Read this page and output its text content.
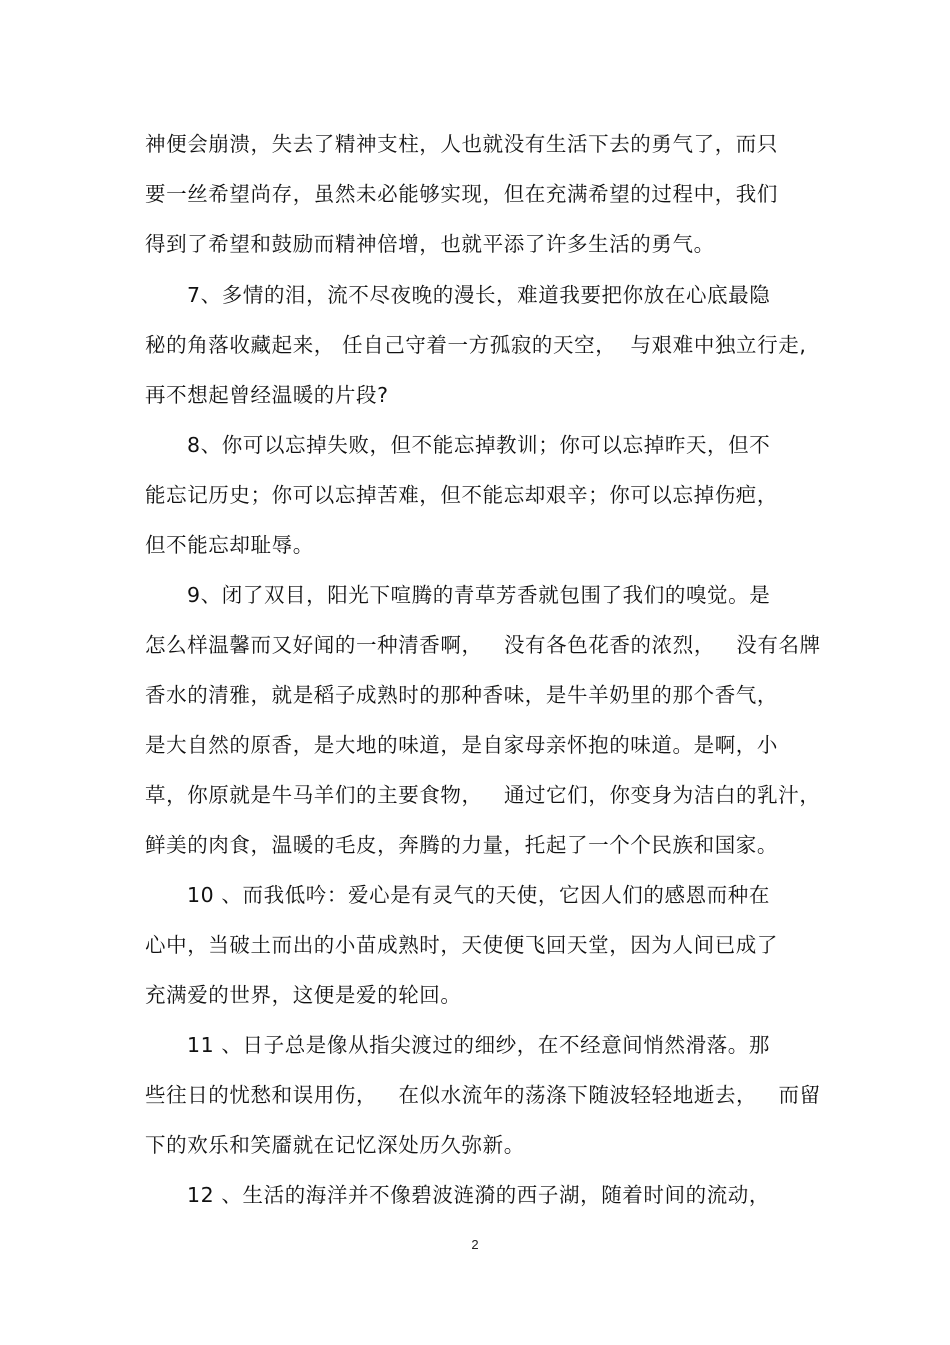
神便会崩溃，失去了精神支柱，人也就没有生活下去的勇气了，而只
要一丝希望尚存，虽然未必能够实现，但在充满希望的过程中，我们
得到了希望和鼓励而精神倍增，也就平添了许多生活的勇气。
7、多情的泪，流不尽夜晚的漫长，难道我要把你放在心底最隐
秘的角落收藏起来， 任自己守着一方孤寂的天空，  与艰难中独立行走,
再不想起曾经温暖的片段?
8、你可以忘掉失败，但不能忘掉教训；你可以忘掉昨天，但不
能忘记历史；你可以忘掉苦难，但不能忘却艰辛；你可以忘掉伤疤，
但不能忘却耻辱。
9、闭了双目，阳光下喧腾的青草芳香就包围了我们的嗅觉。是
怎么样温馨而又好闻的一种清香啊，   没有各色花香的浓烈，   没有名牌
香水的清雅，就是稻子成熟时的那种香味，是牛羊奶里的那个香气，
是大自然的原香，是大地的味道，是自家母亲怀抱的味道。是啊，小
草，你原就是牛马羊们的主要食物，   通过它们，你变身为洁白的乳汁，
鲜美的肉食，温暖的毛皮，奔腾的力量，托起了一个个民族和国家。
10 、而我低吟：爱心是有灵气的天使，它因人们的感恩而种在
心中，当破土而出的小苗成熟时，天使便飞回天堂，因为人间已成了
充满爱的世界，这便是爱的轮回。
11 、日子总是像从指尖渡过的细纱，在不经意间悄然滑落。那
些往日的忧愁和误用伤，   在似水流年的荡涤下随波轻轻地逝去，   而留
下的欢乐和笑靥就在记忆深处历久弥新。
12 、生活的海洋并不像碧波涟漪的西子湖，随着时间的流动，
2
